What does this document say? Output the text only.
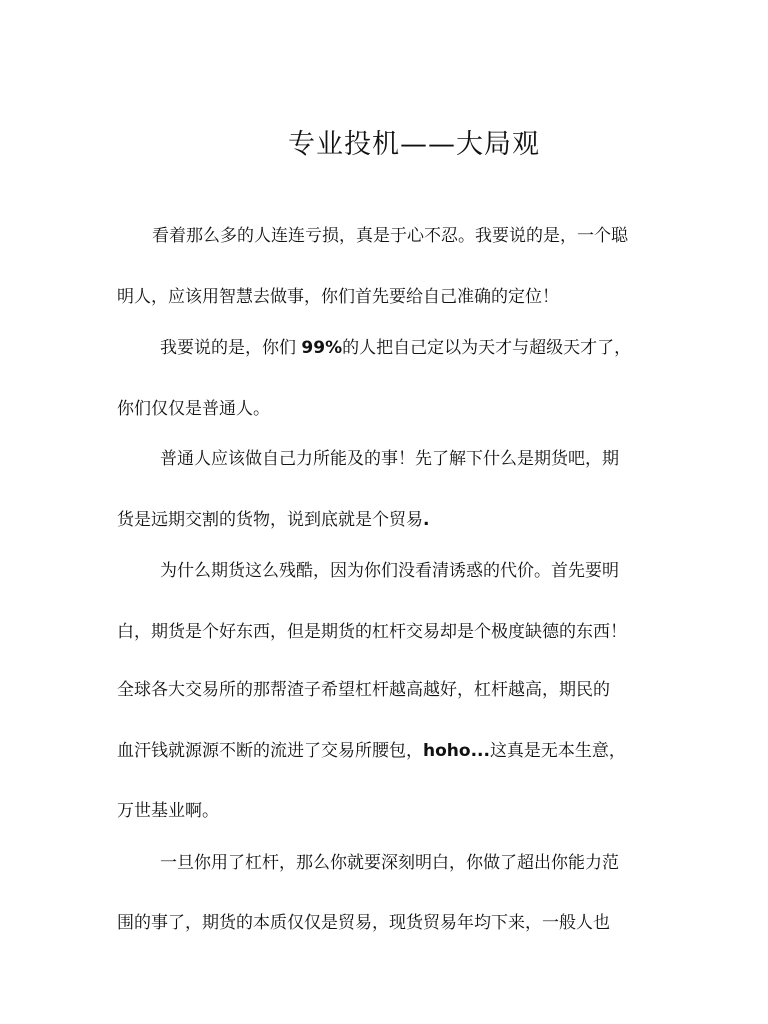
专业投机——大局观
看着那么多的人连连亏损，真是于心不忍。我要说的是，一个聪
明人，应该用智慧去做事，你们首先要给自己准确的定位！
我要说的是，你们 99%的人把自己定以为天才与超级天才了，
你们仅仅是普通人。
普通人应该做自己力所能及的事！先了解下什么是期货吧，期
货是远期交割的货物，说到底就是个贸易.
为什么期货这么残酷，因为你们没看清诱惑的代价。首先要明
白，期货是个好东西，但是期货的杠杆交易却是个极度缺德的东西！
全球各大交易所的那帮渣子希望杠杆越高越好，杠杆越高，期民的
血汗钱就源源不断的流进了交易所腰包，hoho...这真是无本生意，
万世基业啊。
一旦你用了杠杆，那么你就要深刻明白，你做了超出你能力范
围的事了，期货的本质仅仅是贸易，现货贸易年均下来，一般人也
